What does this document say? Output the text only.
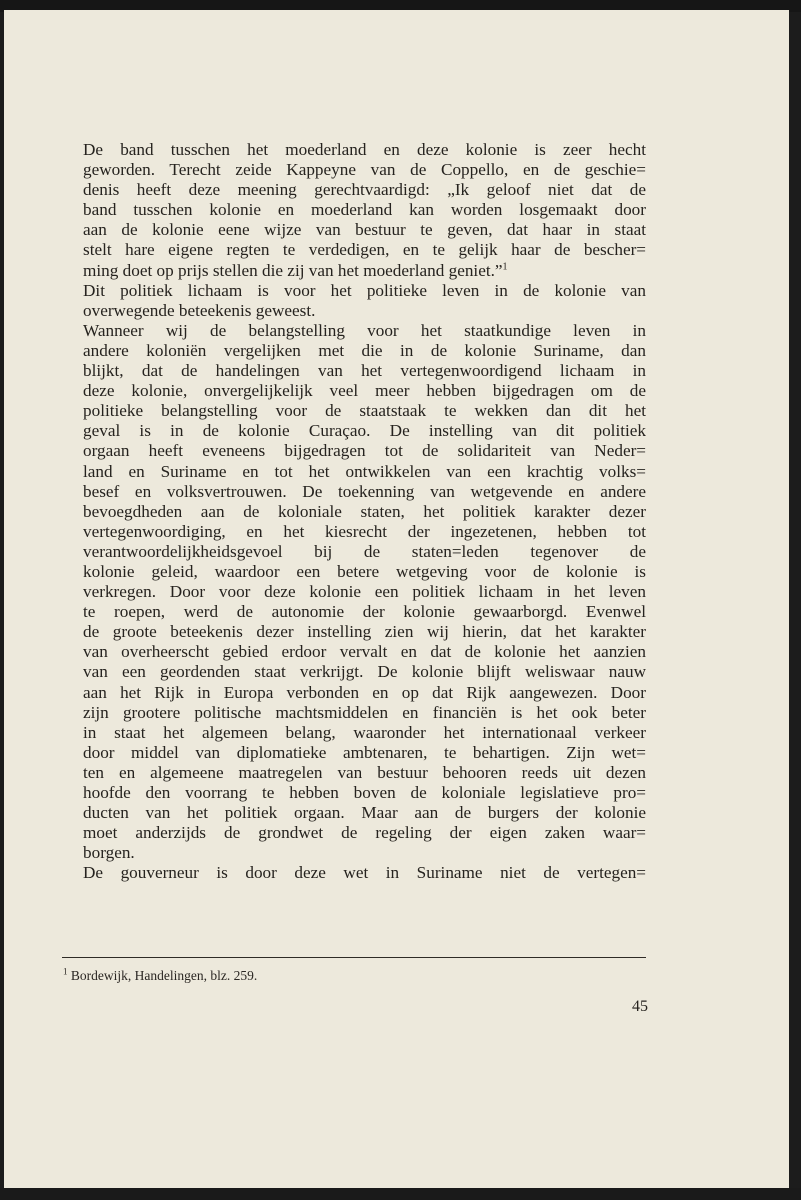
De band tusschen het moederland en deze kolonie is zeer hecht
geworden. Terecht zeide Kappeyne van de Coppello, en de geschie=
denis heeft deze meening gerechtvaardigd: „Ik geloof niet dat de
band tusschen kolonie en moederland kan worden losgemaakt door
aan de kolonie eene wijze van bestuur te geven, dat haar in staat
stelt hare eigene regten te verdedigen, en te gelijk haar de bescher=
ming doet op prijs stellen die zij van het moederland geniet.”$^1$

Dit politiek lichaam is voor het politieke leven in de kolonie van
overwegende beteekenis geweest.

Wanneer wij de belangstelling voor het staatkundige leven in
andere koloniën vergelijken met die in de kolonie Suriname, dan
blijkt, dat de handelingen van het vertegenwoordigend lichaam in
deze kolonie, onvergelijkelijk veel meer hebben bijgedragen om de
politieke belangstelling voor de staatstaak te wekken dan dit het
geval is in de kolonie Curaçao. De instelling van dit politiek
orgaan heeft eveneens bijgedragen tot de solidariteit van Neder=
land en Suriname en tot het ontwikkelen van een krachtig volks=
besef en volksvertrouwen. De toekenning van wetgevende en andere
bevoegdheden aan de koloniale staten, het politiek karakter dezer
vertegenwoordiging, en het kiesrecht der ingezetenen, hebben tot
verantwoordelijkheidsgevoel bij de staten=leden tegenover de
kolonie geleid, waardoor een betere wetgeving voor de kolonie is
verkregen. Door voor deze kolonie een politiek lichaam in het leven
te roepen, werd de autonomie der kolonie gewaarborgd. Evenwel
de groote beteekenis dezer instelling zien wij hierin, dat het karakter
van overheerscht gebied erdoor vervalt en dat de kolonie het aanzien
van een geordenden staat verkrijgt. De kolonie blijft weliswaar nauw
aan het Rijk in Europa verbonden en op dat Rijk aangewezen. Door
zijn grootere politische machtsmiddelen en financiën is het ook beter
in staat het algemeen belang, waaronder het internationaal verkeer
door middel van diplomatieke ambtenaren, te behartigen. Zijn wet=
ten en algemeene maatregelen van bestuur behooren reeds uit dezen
hoofde den voorrang te hebben boven de koloniale legislatieve pro=
ducten van het politiek orgaan. Maar aan de burgers der kolonie
moet anderzijds de grondwet de regeling der eigen zaken waar=
borgen.

De gouverneur is door deze wet in Suriname niet de vertegen=

$^1$ Bordewijk, Handelingen, blz. 259.
45
